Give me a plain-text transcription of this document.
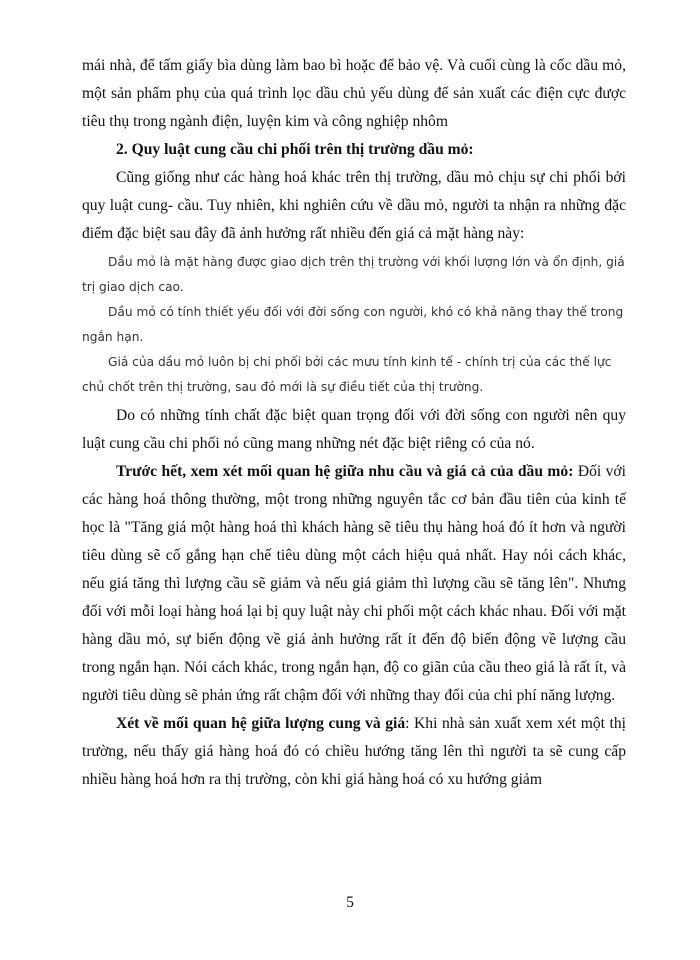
mái nhà, để tấm giấy bìa dùng làm bao bì hoặc để bảo vệ. Và cuối cùng là cốc dầu mỏ, một sản phẩm phụ của quá trình lọc dầu chủ yếu dùng để sản xuất các điện cực được tiêu thụ trong ngành điện, luyện kim và công nghiệp nhôm

2. Quy luật cung cầu chi phối trên thị trường dầu mỏ:

Cũng giống như các hàng hoá khác trên thị trường, dầu mỏ chịu sự chi phối bởi quy luật cung- cầu. Tuy nhiên, khi nghiên cứu về dầu mỏ, người ta nhận ra những đặc điểm đặc biệt sau đây đã ảnh hưởng rất nhiều đến giá cả mặt hàng này:

Dầu mỏ là mặt hàng được giao dịch trên thị trường với khối lượng lớn và ổn định, giá trị giao dịch cao.

Dầu mỏ có tính thiết yếu đối với đời sống con người, khó có khả năng thay thế trong ngắn hạn.

Giá của dầu mỏ luôn bị chi phối bởi các mưu tính kinh tế - chính trị của các thế lực chủ chốt trên thị trường, sau đó mới là sự điều tiết của thị trường.

Do có những tính chất đặc biệt quan trọng đối với đời sống con người nên quy luật cung cầu chi phối nó cũng mang những nét đặc biệt riêng có của nó.

Trước hết, xem xét mối quan hệ giữa nhu cầu và giá cả của dầu mỏ: Đối với các hàng hoá thông thường, một trong những nguyên tắc cơ bản đầu tiên của kinh tế học là "Tăng giá một hàng hoá thì khách hàng sẽ tiêu thụ hàng hoá đó ít hơn và người tiêu dùng sẽ cố gắng hạn chế tiêu dùng một cách hiệu quả nhất. Hay nói cách khác, nếu giá tăng thì lượng cầu sẽ giảm và nếu giá giảm thì lượng cầu sẽ tăng lên". Nhưng đối với mỗi loại hàng hoá lại bị quy luật này chi phối một cách khác nhau. Đối với mặt hàng dầu mỏ, sự biến động về giá ảnh hưởng rất ít đến độ biến động về lượng cầu trong ngắn hạn. Nói cách khác, trong ngắn hạn, độ co giãn của cầu theo giá là rất ít, và người tiêu dùng sẽ phản ứng rất chậm đối với những thay đổi của chi phí năng lượng.

Xét về mối quan hệ giữa lượng cung và giá: Khi nhà sản xuất xem xét một thị trường, nếu thấy giá hàng hoá đó có chiều hướng tăng lên thì người ta sẽ cung cấp nhiều hàng hoá hơn ra thị trường, còn khi giá hàng hoá có xu hướng giảm

5
